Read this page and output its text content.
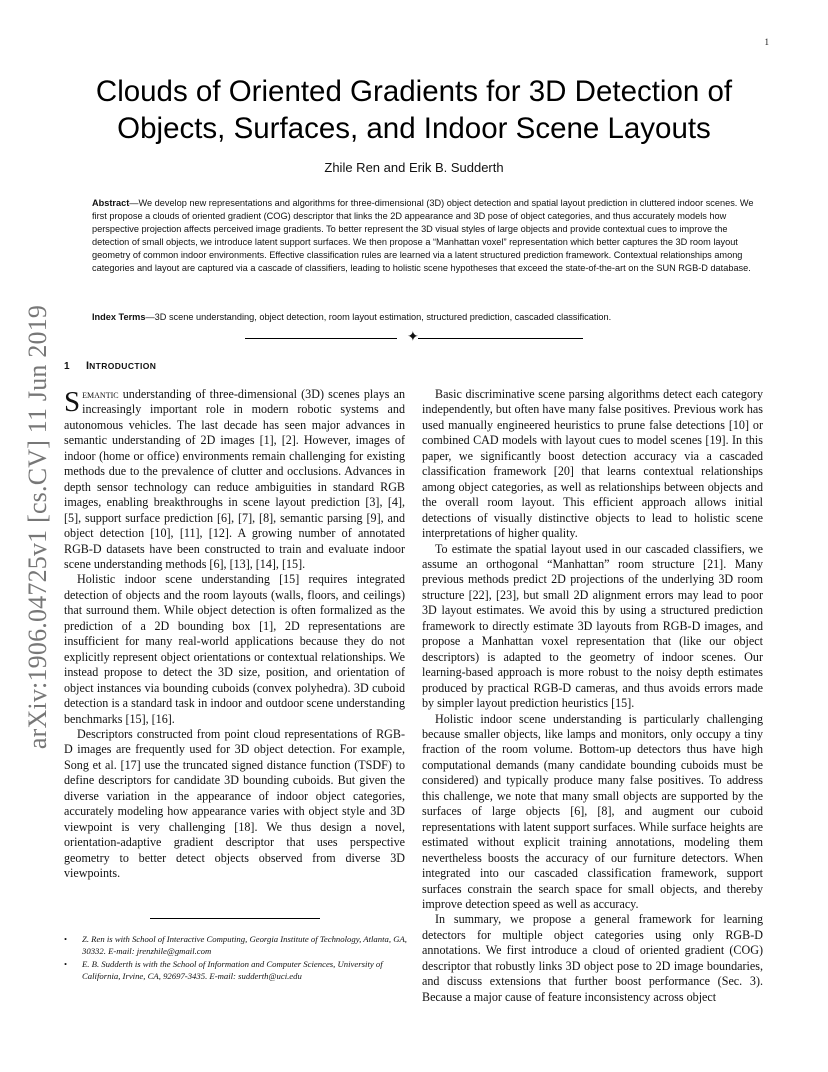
1
arXiv:1906.04725v1 [cs.CV] 11 Jun 2019
Clouds of Oriented Gradients for 3D Detection of Objects, Surfaces, and Indoor Scene Layouts
Zhile Ren and Erik B. Sudderth
Abstract—We develop new representations and algorithms for three-dimensional (3D) object detection and spatial layout prediction in cluttered indoor scenes. We first propose a clouds of oriented gradient (COG) descriptor that links the 2D appearance and 3D pose of object categories, and thus accurately models how perspective projection affects perceived image gradients. To better represent the 3D visual styles of large objects and provide contextual cues to improve the detection of small objects, we introduce latent support surfaces. We then propose a “Manhattan voxel” representation which better captures the 3D room layout geometry of common indoor environments. Effective classification rules are learned via a latent structured prediction framework. Contextual relationships among categories and layout are captured via a cascade of classifiers, leading to holistic scene hypotheses that exceed the state-of-the-art on the SUN RGB-D database.
Index Terms—3D scene understanding, object detection, room layout estimation, structured prediction, cascaded classification.
✦
1 INTRODUCTION

Semantic understanding of three-dimensional (3D) scenes plays an increasingly important role in modern robotic systems and autonomous vehicles. The last decade has seen major advances in semantic understanding of 2D images [1], [2]. However, images of indoor (home or office) environments remain challenging for existing methods due to the prevalence of clutter and occlusions. Advances in depth sensor technology can reduce ambiguities in standard RGB images, enabling breakthroughs in scene layout prediction [3], [4], [5], support surface prediction [6], [7], [8], semantic parsing [9], and object detection [10], [11], [12]. A growing number of annotated RGB-D datasets have been constructed to train and evaluate indoor scene understanding methods [6], [13], [14], [15].

Holistic indoor scene understanding [15] requires integrated detection of objects and the room layouts (walls, floors, and ceilings) that surround them. While object detection is often formalized as the prediction of a 2D bounding box [1], 2D representations are insufficient for many real-world applications because they do not explicitly represent object orientations or contextual relationships. We instead propose to detect the 3D size, position, and orientation of object instances via bounding cuboids (convex polyhedra). 3D cuboid detection is a standard task in indoor and outdoor scene understanding benchmarks [15], [16].

Descriptors constructed from point cloud representations of RGB-D images are frequently used for 3D object detection. For example, Song et al. [17] use the truncated signed distance function (TSDF) to define descriptors for candidate 3D bounding cuboids. But given the diverse variation in the appearance of indoor object categories, accurately modeling how appearance varies with object style and 3D viewpoint is very challenging [18]. We thus design a novel, orientation-adaptive gradient descriptor that uses perspective geometry to better detect objects observed from diverse 3D viewpoints.

Basic discriminative scene parsing algorithms detect each category independently, but often have many false positives. Previous work has used manually engineered heuristics to prune false detections [10] or combined CAD models with layout cues to model scenes [19]. In this paper, we significantly boost detection accuracy via a cascaded classification framework [20] that learns contextual relationships among object categories, as well as relationships between objects and the overall room layout. This efficient approach allows initial detections of visually distinctive objects to lead to holistic scene interpretations of higher quality.

To estimate the spatial layout used in our cascaded classifiers, we assume an orthogonal “Manhattan” room structure [21]. Many previous methods predict 2D projections of the underlying 3D room structure [22], [23], but small 2D alignment errors may lead to poor 3D layout estimates. We avoid this by using a structured prediction framework to directly estimate 3D layouts from RGB-D images, and propose a Manhattan voxel representation that (like our object descriptors) is adapted to the geometry of indoor scenes. Our learning-based approach is more robust to the noisy depth estimates produced by practical RGB-D cameras, and thus avoids errors made by simpler layout prediction heuristics [15].

Holistic indoor scene understanding is particularly challenging because smaller objects, like lamps and monitors, only occupy a tiny fraction of the room volume. Bottom-up detectors thus have high computational demands (many candidate bounding cuboids must be considered) and typically produce many false positives. To address this challenge, we note that many small objects are supported by the surfaces of large objects [6], [8], and augment our cuboid representations with latent support surfaces. While surface heights are estimated without explicit training annotations, modeling them nevertheless boosts the accuracy of our furniture detectors. When integrated into our cascaded classification framework, support surfaces constrain the search space for small objects, and thereby improve detection speed as well as accuracy.

In summary, we propose a general framework for learning detectors for multiple object categories using only RGB-D annotations. We first introduce a cloud of oriented gradient (COG) descriptor that robustly links 3D object pose to 2D image boundaries, and discuss extensions that further boost performance (Sec. 3). Because a major cause of feature inconsistency across object

• Z. Ren is with School of Interactive Computing, Georgia Institute of Technology, Atlanta, GA, 30332. E-mail: jrenzhile@gmail.com
• E. B. Sudderth is with the School of Information and Computer Sciences, University of California, Irvine, CA, 92697-3435. E-mail: sudderth@uci.edu
